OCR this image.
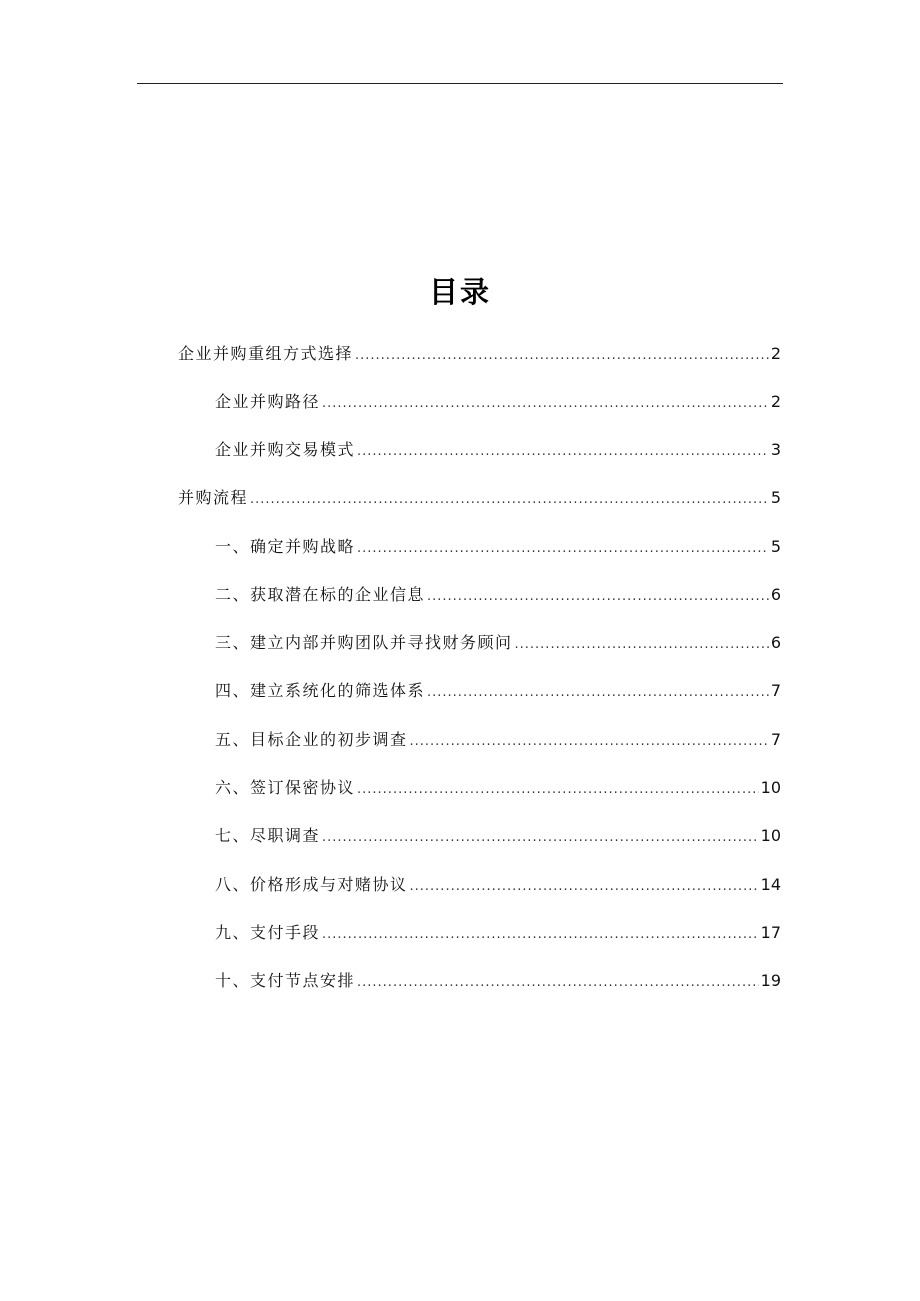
目录
企业并购重组方式选择 .....	2
企业并购路径 .....	2
企业并购交易模式 .....	3
并购流程 .....	5
一、确定并购战略 .....	5
二、获取潜在标的企业信息 .....	6
三、建立内部并购团队并寻找财务顾问 .....	6
四、建立系统化的筛选体系 .....	7
五、目标企业的初步调查 .....	7
六、签订保密协议 .....	10
七、尽职调查 .....	10
八、价格形成与对赌协议 .....	14
九、支付手段 .....	17
十、支付节点安排 .....	19
